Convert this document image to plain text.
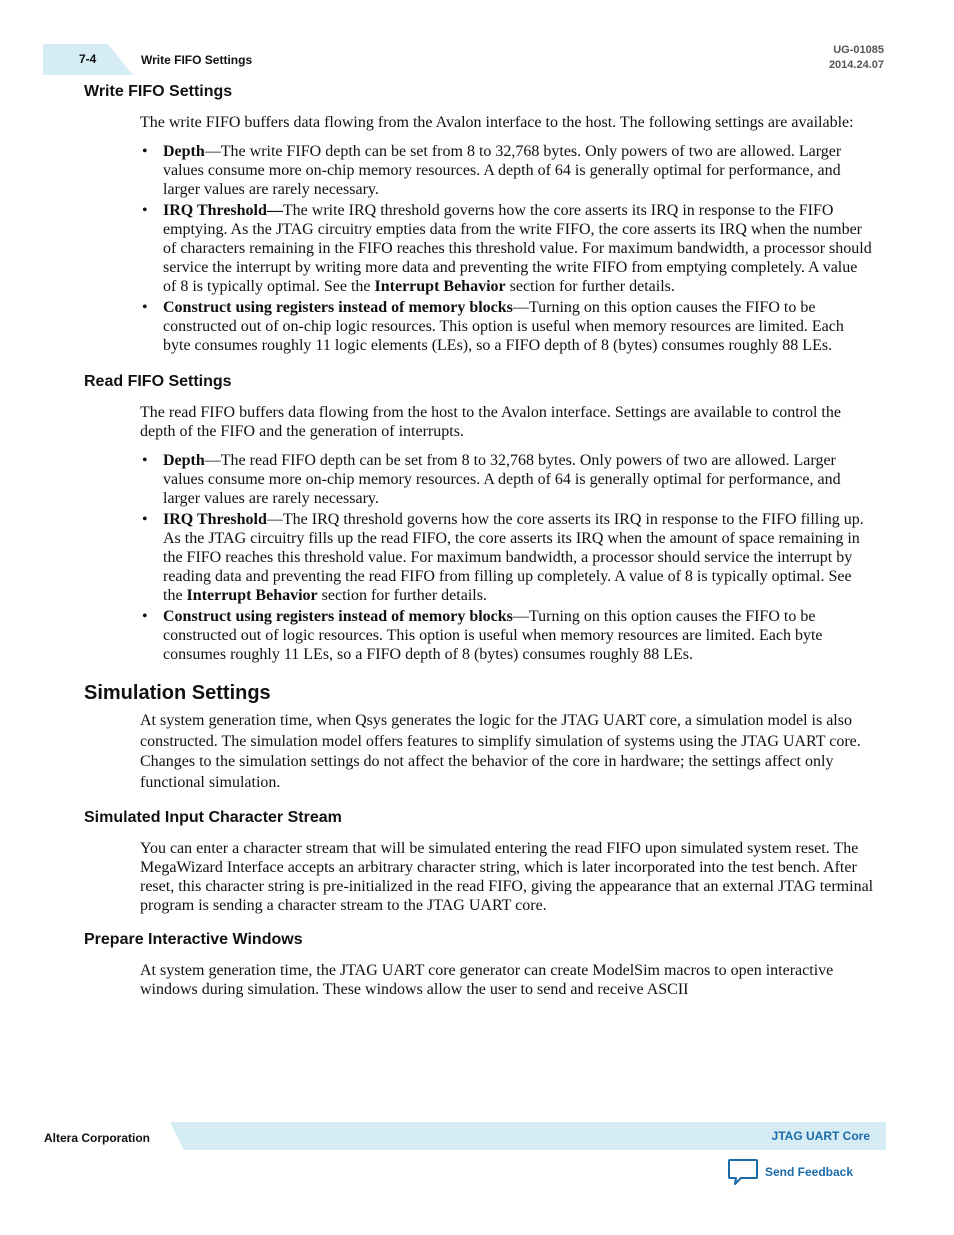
7-4	Write FIFO Settings
UG-01085
2014.24.07
Write FIFO Settings

The write FIFO buffers data flowing from the Avalon interface to the host. The following settings are available:

• Depth—The write FIFO depth can be set from 8 to 32,768 bytes. Only powers of two are allowed. Larger values consume more on-chip memory resources. A depth of 64 is generally optimal for performance, and larger values are rarely necessary.
• IRQ Threshold—The write IRQ threshold governs how the core asserts its IRQ in response to the FIFO emptying. As the JTAG circuitry empties data from the write FIFO, the core asserts its IRQ when the number of characters remaining in the FIFO reaches this threshold value. For maximum bandwidth, a processor should service the interrupt by writing more data and preventing the write FIFO from emptying completely. A value of 8 is typically optimal. See the Interrupt Behavior section for further details.
• Construct using registers instead of memory blocks—Turning on this option causes the FIFO to be constructed out of on-chip logic resources. This option is useful when memory resources are limited. Each byte consumes roughly 11 logic elements (LEs), so a FIFO depth of 8 (bytes) consumes roughly 88 LEs.
Read FIFO Settings

The read FIFO buffers data flowing from the host to the Avalon interface. Settings are available to control the depth of the FIFO and the generation of interrupts.

• Depth—The read FIFO depth can be set from 8 to 32,768 bytes. Only powers of two are allowed. Larger values consume more on-chip memory resources. A depth of 64 is generally optimal for performance, and larger values are rarely necessary.
• IRQ Threshold—The IRQ threshold governs how the core asserts its IRQ in response to the FIFO filling up. As the JTAG circuitry fills up the read FIFO, the core asserts its IRQ when the amount of space remaining in the FIFO reaches this threshold value. For maximum bandwidth, a processor should service the interrupt by reading data and preventing the read FIFO from filling up completely. A value of 8 is typically optimal. See the Interrupt Behavior section for further details.
• Construct using registers instead of memory blocks—Turning on this option causes the FIFO to be constructed out of logic resources. This option is useful when memory resources are limited. Each byte consumes roughly 11 LEs, so a FIFO depth of 8 (bytes) consumes roughly 88 LEs.
Simulation Settings

At system generation time, when Qsys generates the logic for the JTAG UART core, a simulation model is also constructed. The simulation model offers features to simplify simulation of systems using the JTAG UART core. Changes to the simulation settings do not affect the behavior of the core in hardware; the settings affect only functional simulation.

Simulated Input Character Stream

You can enter a character stream that will be simulated entering the read FIFO upon simulated system reset. The MegaWizard Interface accepts an arbitrary character string, which is later incorporated into the test bench. After reset, this character string is pre-initialized in the read FIFO, giving the appearance that an external JTAG terminal program is sending a character stream to the JTAG UART core.

Prepare Interactive Windows

At system generation time, the JTAG UART core generator can create ModelSim macros to open interactive windows during simulation. These windows allow the user to send and receive ASCII

Altera Corporation	JTAG UART Core
Send Feedback
